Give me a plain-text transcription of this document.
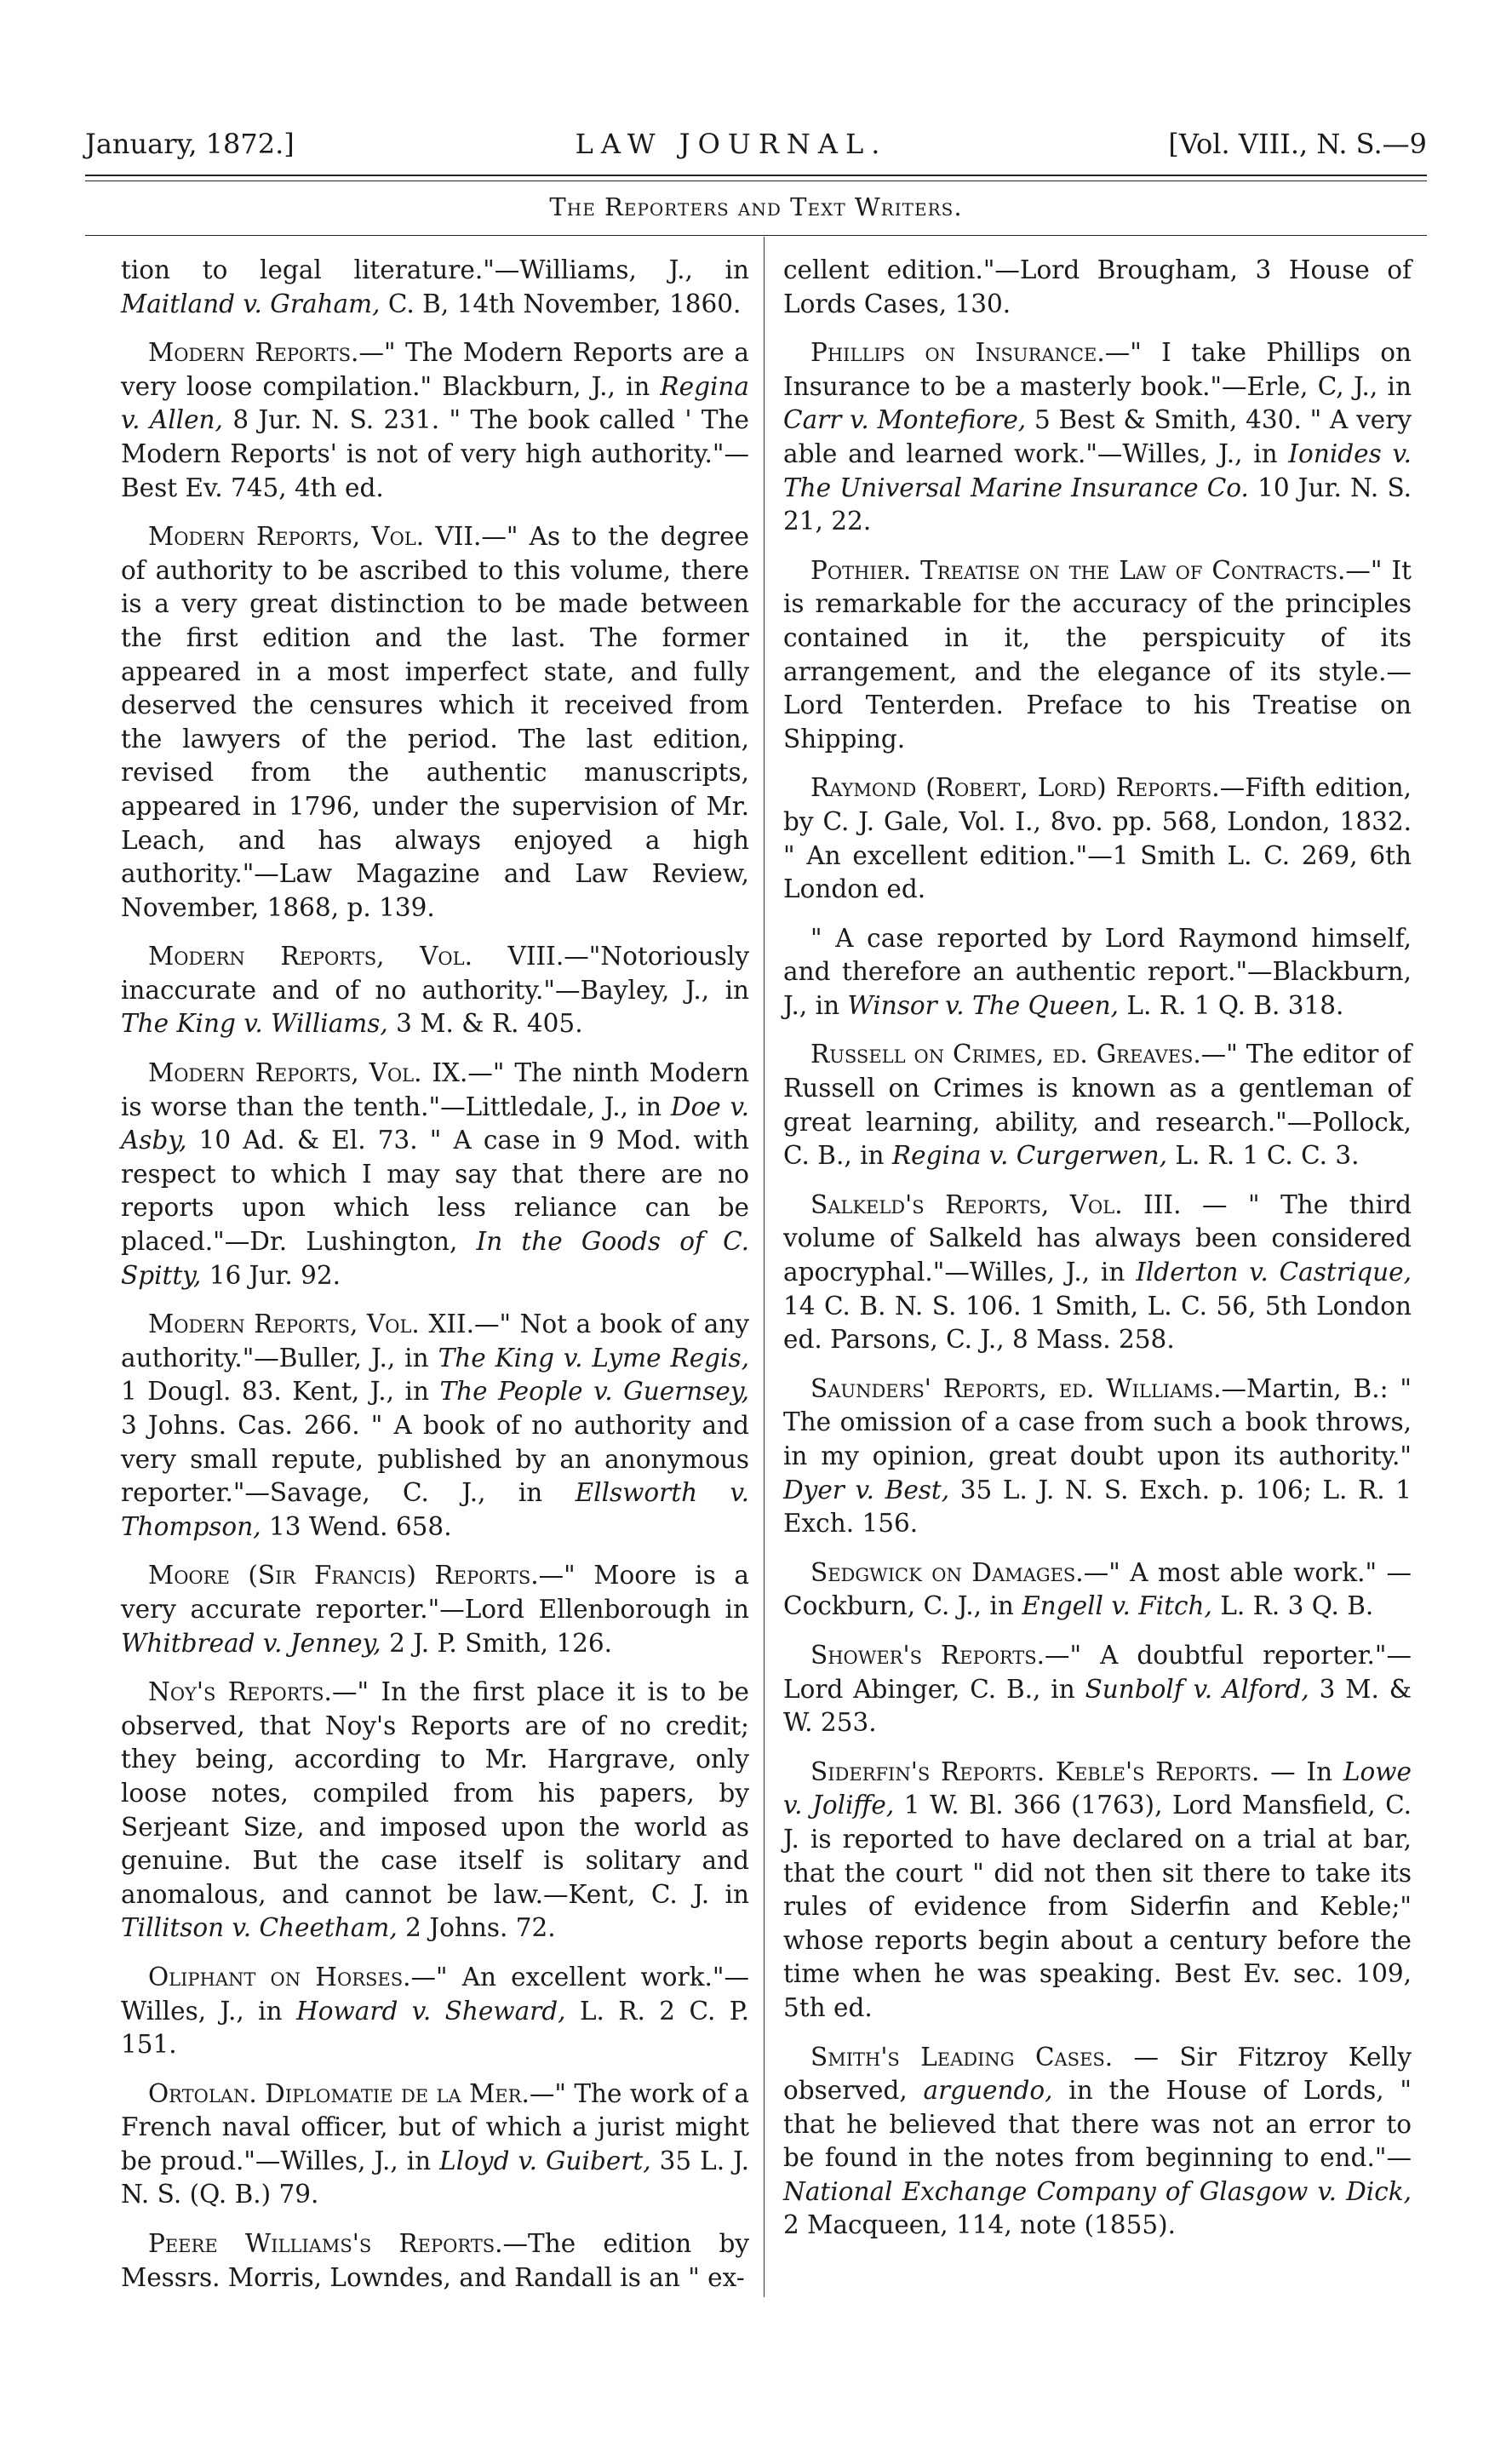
January, 1872.]	LAW JOURNAL.	[Vol. VIII., N. S.—9
The Reporters and Text Writers.

tion to legal literature."—Williams, J., in Maitland v. Graham, C. B, 14th November, 1860.

Modern Reports.—" The Modern Reports are a very loose compilation." Blackburn, J., in Regina v. Allen, 8 Jur. N. S. 231. " The book called ' The Modern Reports' is not of very high authority."—Best Ev. 745, 4th ed.

Modern Reports, Vol. VII.—" As to the degree of authority to be ascribed to this volume, there is a very great distinction to be made between the first edition and the last. The former appeared in a most imperfect state, and fully deserved the censures which it received from the lawyers of the period. The last edition, revised from the authentic manuscripts, appeared in 1796, under the supervision of Mr. Leach, and has always enjoyed a high authority."—Law Magazine and Law Review, November, 1868, p. 139.

Modern Reports, Vol. VIII.—"Notoriously inaccurate and of no authority."—Bayley, J., in The King v. Williams, 3 M. & R. 405.

Modern Reports, Vol. IX.—" The ninth Modern is worse than the tenth."—Littledale, J., in Doe v. Asby, 10 Ad. & El. 73. " A case in 9 Mod. with respect to which I may say that there are no reports upon which less reliance can be placed."—Dr. Lushington, In the Goods of C. Spitty, 16 Jur. 92.

Modern Reports, Vol. XII.—" Not a book of any authority."—Buller, J., in The King v. Lyme Regis, 1 Dougl. 83. Kent, J., in The People v. Guernsey, 3 Johns. Cas. 266. " A book of no authority and very small repute, published by an anonymous reporter."—Savage, C. J., in Ellsworth v. Thompson, 13 Wend. 658.

Moore (Sir Francis) Reports.—" Moore is a very accurate reporter."—Lord Ellenborough in Whitbread v. Jenney, 2 J. P. Smith, 126.

Noy's Reports.—" In the first place it is to be observed, that Noy's Reports are of no credit; they being, according to Mr. Hargrave, only loose notes, compiled from his papers, by Serjeant Size, and imposed upon the world as genuine. But the case itself is solitary and anomalous, and cannot be law.—Kent, C. J. in Tillitson v. Cheetham, 2 Johns. 72.

Oliphant on Horses.—" An excellent work."—Willes, J., in Howard v. Sheward, L. R. 2 C. P. 151.

Ortolan. Diplomatie de la Mer.—" The work of a French naval officer, but of which a jurist might be proud."—Willes, J., in Lloyd v. Guibert, 35 L. J. N. S. (Q. B.) 79.

Peere Williams's Reports.—The edition by Messrs. Morris, Lowndes, and Randall is an " ex-

cellent edition."—Lord Brougham, 3 House of Lords Cases, 130.

Phillips on Insurance.—" I take Phillips on Insurance to be a masterly book."—Erle, C, J., in Carr v. Montefiore, 5 Best & Smith, 430. " A very able and learned work."—Willes, J., in Ionides v. The Universal Marine Insurance Co. 10 Jur. N. S. 21, 22.

Pothier. Treatise on the Law of Contracts.—" It is remarkable for the accuracy of the principles contained in it, the perspicuity of its arrangement, and the elegance of its style.—Lord Tenterden. Preface to his Treatise on Shipping.

Raymond (Robert, Lord) Reports.—Fifth edition, by C. J. Gale, Vol. I., 8vo. pp. 568, London, 1832. " An excellent edition."—1 Smith L. C. 269, 6th London ed.

" A case reported by Lord Raymond himself, and therefore an authentic report."—Blackburn, J., in Winsor v. The Queen, L. R. 1 Q. B. 318.

Russell on Crimes, ed. Greaves.—" The editor of Russell on Crimes is known as a gentleman of great learning, ability, and research."—Pollock, C. B., in Regina v. Curgerwen, L. R. 1 C. C. 3.

Salkeld's Reports, Vol. III. — " The third volume of Salkeld has always been considered apocryphal."—Willes, J., in Ilderton v. Castrique, 14 C. B. N. S. 106. 1 Smith, L. C. 56, 5th London ed. Parsons, C. J., 8 Mass. 258.

Saunders' Reports, ed. Williams.—Martin, B.: " The omission of a case from such a book throws, in my opinion, great doubt upon its authority." Dyer v. Best, 35 L. J. N. S. Exch. p. 106; L. R. 1 Exch. 156.

Sedgwick on Damages.—" A most able work." —Cockburn, C. J., in Engell v. Fitch, L. R. 3 Q. B.

Shower's Reports.—" A doubtful reporter."—Lord Abinger, C. B., in Sunbolf v. Alford, 3 M. & W. 253.

Siderfin's Reports. Keble's Reports. — In Lowe v. Joliffe, 1 W. Bl. 366 (1763), Lord Mansfield, C. J. is reported to have declared on a trial at bar, that the court " did not then sit there to take its rules of evidence from Siderfin and Keble;" whose reports begin about a century before the time when he was speaking. Best Ev. sec. 109, 5th ed.

Smith's Leading Cases. — Sir Fitzroy Kelly observed, arguendo, in the House of Lords, " that he believed that there was not an error to be found in the notes from beginning to end."—National Exchange Company of Glasgow v. Dick, 2 Macqueen, 114, note (1855).
